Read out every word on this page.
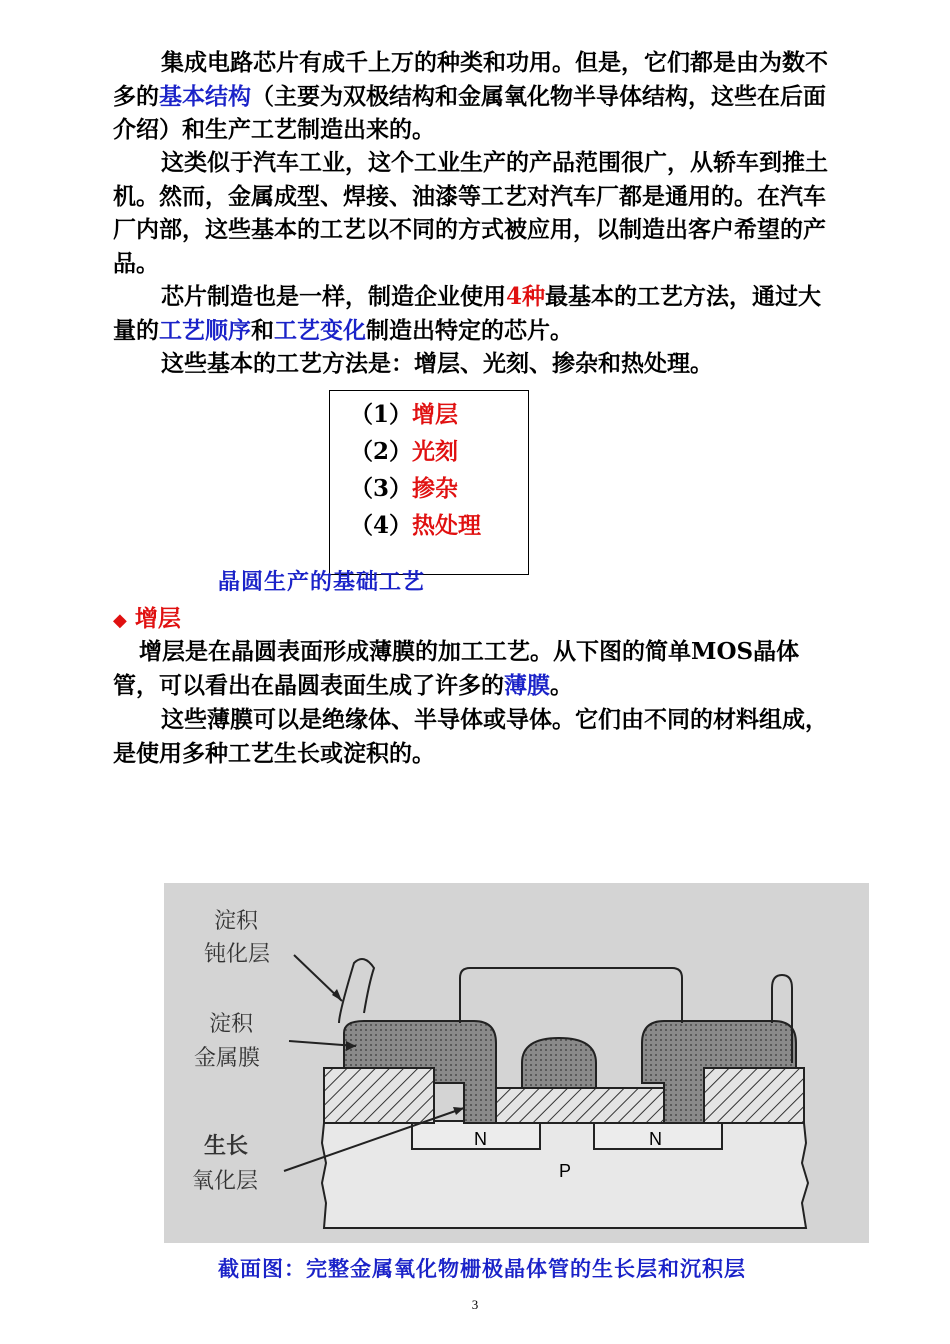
集成电路芯片有成千上万的种类和功用。但是，它们都是由为数不多的基本结构（主要为双极结构和金属氧化物半导体结构，这些在后面介绍）和生产工艺制造出来的。

这类似于汽车工业，这个工业生产的产品范围很广，从轿车到推土机。然而，金属成型、焊接、油漆等工艺对汽车厂都是通用的。在汽车厂内部，这些基本的工艺以不同的方式被应用，以制造出客户希望的产品。

芯片制造也是一样，制造企业使用4种最基本的工艺方法，通过大量的工艺顺序和工艺变化制造出特定的芯片。

这些基本的工艺方法是：增层、光刻、掺杂和热处理。

（1）增层
（2）光刻
（3）掺杂
（4）热处理
晶圆生产的基础工艺
◆ 增层

增层是在晶圆表面形成薄膜的加工工艺。从下图的简单MOS晶体管，可以看出在晶圆表面生成了许多的薄膜。

这些薄膜可以是绝缘体、半导体或导体。它们由不同的材料组成，是使用多种工艺生长或淀积的。

N	N
P
淀积
钝化层
淀积
金属膜
生长
氧化层
截面图：完整金属氧化物栅极晶体管的生长层和沉积层
3
